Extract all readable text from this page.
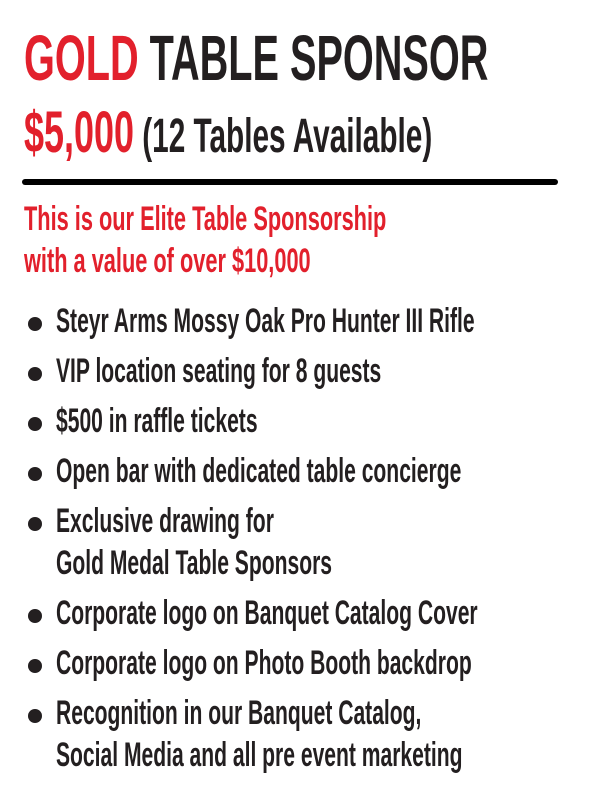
GOLD TABLE SPONSOR
$5,000 (12 Tables Available)
This is our Elite Table Sponsorship
with a value of over $10,000
Steyr Arms Mossy Oak Pro Hunter III Rifle
VIP location seating for 8 guests
$500 in raffle tickets
Open bar with dedicated table concierge
Exclusive drawing for
Gold Medal Table Sponsors
Corporate logo on Banquet Catalog Cover
Corporate logo on Photo Booth backdrop
Recognition in our Banquet Catalog,
Social Media and all pre event marketing
